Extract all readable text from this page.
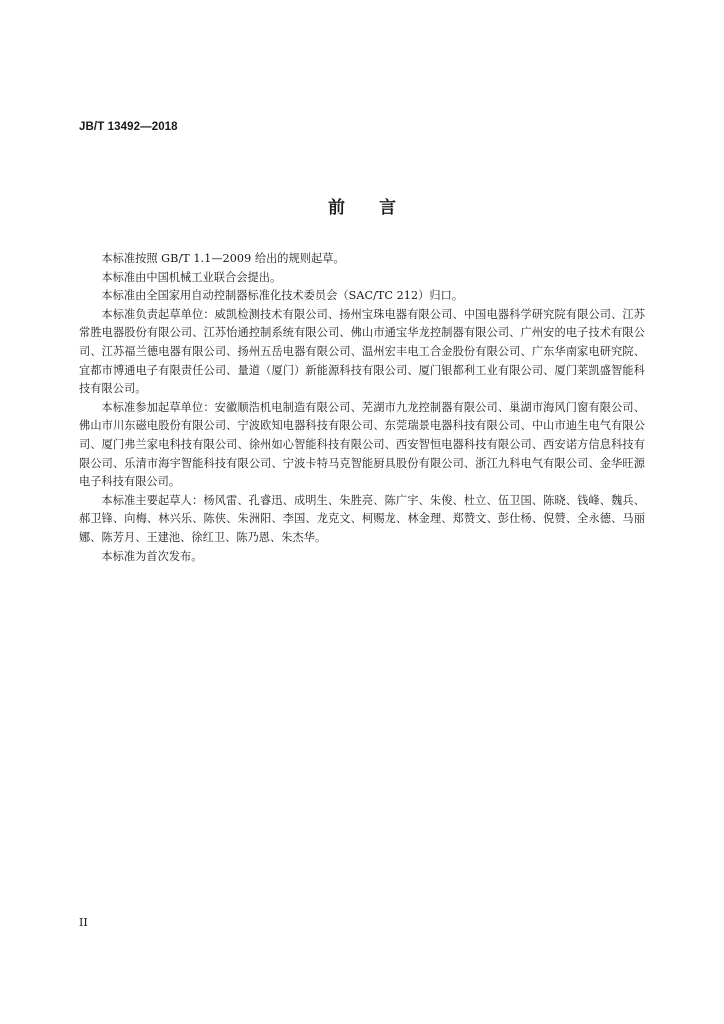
JB/T 13492—2018
前 言

本标准按照 GB/T 1.1—2009 给出的规则起草。

本标准由中国机械工业联合会提出。

本标准由全国家用自动控制器标准化技术委员会（SAC/TC 212）归口。

本标准负责起草单位：威凯检测技术有限公司、扬州宝珠电器有限公司、中国电器科学研究院有限公司、江苏常胜电器股份有限公司、江苏怡通控制系统有限公司、佛山市通宝华龙控制器有限公司、广州安的电子技术有限公司、江苏福兰德电器有限公司、扬州五岳电器有限公司、温州宏丰电工合金股份有限公司、广东华南家电研究院、宜都市博通电子有限责任公司、量道（厦门）新能源科技有限公司、厦门银都利工业有限公司、厦门莱凯盛智能科技有限公司。

本标准参加起草单位：安徽顺浩机电制造有限公司、芜湖市九龙控制器有限公司、巢湖市海风门窗有限公司、佛山市川东磁电股份有限公司、宁波欧知电器科技有限公司、东莞瑞景电器科技有限公司、中山市迪生电气有限公司、厦门弗兰家电科技有限公司、徐州如心智能科技有限公司、西安智恒电器科技有限公司、西安诺方信息科技有限公司、乐清市海宇智能科技有限公司、宁波卡特马克智能厨具股份有限公司、浙江九科电气有限公司、金华旺源电子科技有限公司。

本标准主要起草人：杨风雷、孔睿迅、成明生、朱胜亮、陈广宇、朱俊、杜立、伍卫国、陈晓、钱峰、魏兵、郝卫锋、向梅、林兴乐、陈侠、朱洲阳、李国、龙克文、柯赐龙、林金理、郑赞文、彭仕杨、倪赞、全永德、马丽娜、陈芳月、王建池、徐红卫、陈乃恩、朱杰华。

本标准为首次发布。

II
